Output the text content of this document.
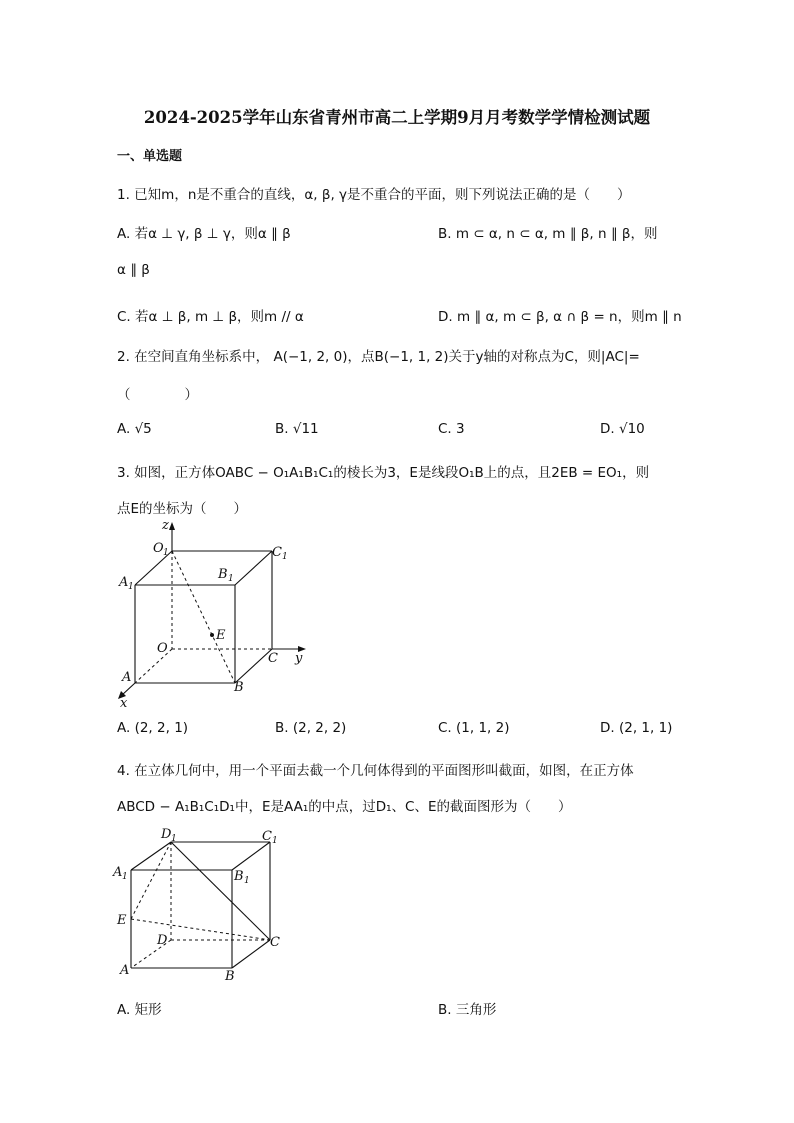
2024-2025学年山东省青州市高二上学期9月月考数学学情检测试题
一、单选题
1. 已知m，n是不重合的直线，α, β, γ是不重合的平面，则下列说法正确的是（　　）
A. 若α ⊥ γ, β ⊥ γ，则α ∥ β	B. m ⊂ α, n ⊂ α, m ∥ β, n ∥ β，则
α ∥ β
C. 若α ⊥ β, m ⊥ β，则m // α	D. m ∥ α, m ⊂ β, α ∩ β = n，则m ∥ n
2. 在空间直角坐标系中， A(−1, 2, 0)，点B(−1, 1, 2)关于y轴的对称点为C，则|AC|=
（　　　　）
A. √5	B. √11	C. 3	D. √10
3. 如图，正方体OABC − O₁A₁B₁C₁的棱长为3，E是线段O₁B上的点，且2EB = EO₁，则
点E的坐标为（　　）
z
O 1	C 1
A 1
B 1
E
O
C y
A
B
x
A. (2, 2, 1)	B. (2, 2, 2)	C. (1, 1, 2)	D. (2, 1, 1)
4. 在立体几何中，用一个平面去截一个几何体得到的平面图形叫截面，如图，在正方体
ABCD − A₁B₁C₁D₁中，E是AA₁的中点，过D₁、C、E的截面图形为（　　）
D 1	C 1
A 1	B 1
E
D	C
A	B
A. 矩形	B. 三角形
